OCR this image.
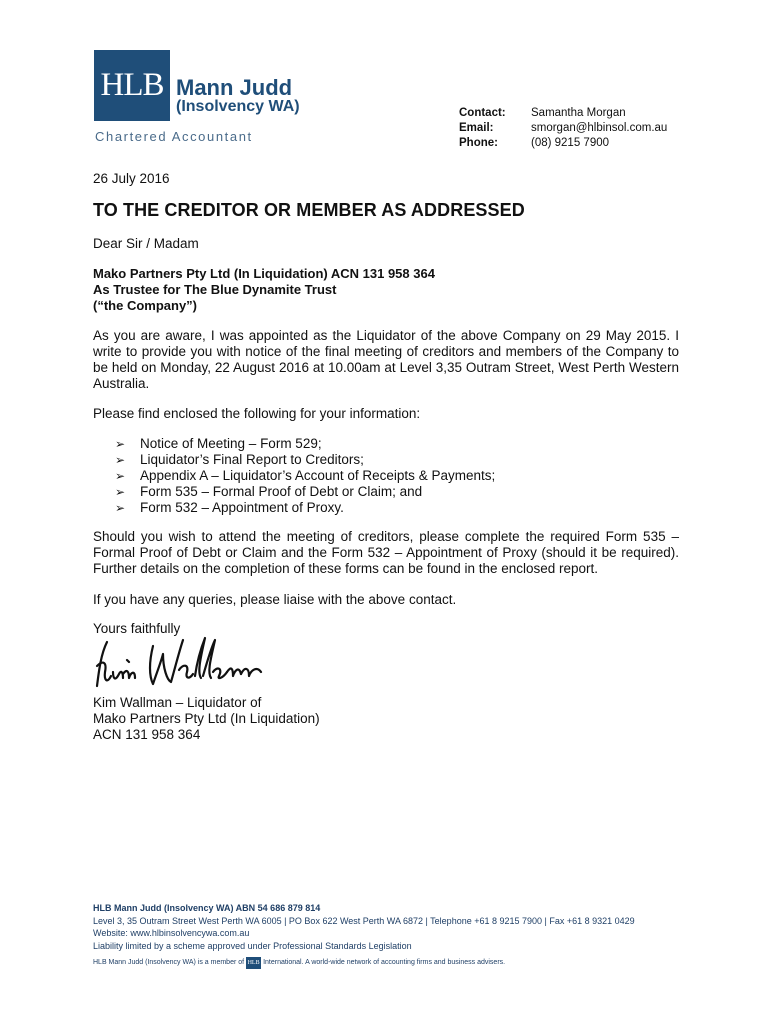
HLB Mann Judd
(Insolvency WA)
Chartered Accountant
Contact:	Samantha Morgan
Email:	smorgan@hlbinsol.com.au
Phone:	(08) 9215 7900
26 July 2016
TO THE CREDITOR OR MEMBER AS ADDRESSED
Dear Sir / Madam
Mako Partners Pty Ltd (In Liquidation) ACN 131 958 364
As Trustee for The Blue Dynamite Trust
(“the Company”)
As you are aware, I was appointed as the Liquidator of the above Company on 29 May 2015. I write to provide you with notice of the final meeting of creditors and members of the Company to be held on Monday, 22 August 2016 at 10.00am at Level 3,35 Outram Street, West Perth Western Australia.
Please find enclosed the following for your information:
➢	Notice of Meeting – Form 529;
➢	Liquidator’s Final Report to Creditors;
➢	Appendix A – Liquidator’s Account of Receipts & Payments;
➢	Form 535 – Formal Proof of Debt or Claim; and
➢	Form 532 – Appointment of Proxy.
Should you wish to attend the meeting of creditors, please complete the required Form 535 – Formal Proof of Debt or Claim and the Form 532 – Appointment of Proxy (should it be required). Further details on the completion of these forms can be found in the enclosed report.
If you have any queries, please liaise with the above contact.
Yours faithfully
Kim Wallman – Liquidator of
Mako Partners Pty Ltd (In Liquidation)
ACN 131 958 364
HLB Mann Judd (Insolvency WA) ABN 54 686 879 814
Level 3, 35 Outram Street West Perth WA 6005 | PO Box 622 West Perth WA 6872 | Telephone +61 8 9215 7900 | Fax +61 8 9321 0429
Website: www.hlbinsolvencywa.com.au
Liability limited by a scheme approved under Professional Standards Legislation
HLB Mann Judd (Insolvency WA) is a member of HLB International. A world-wide network of accounting firms and business advisers.
